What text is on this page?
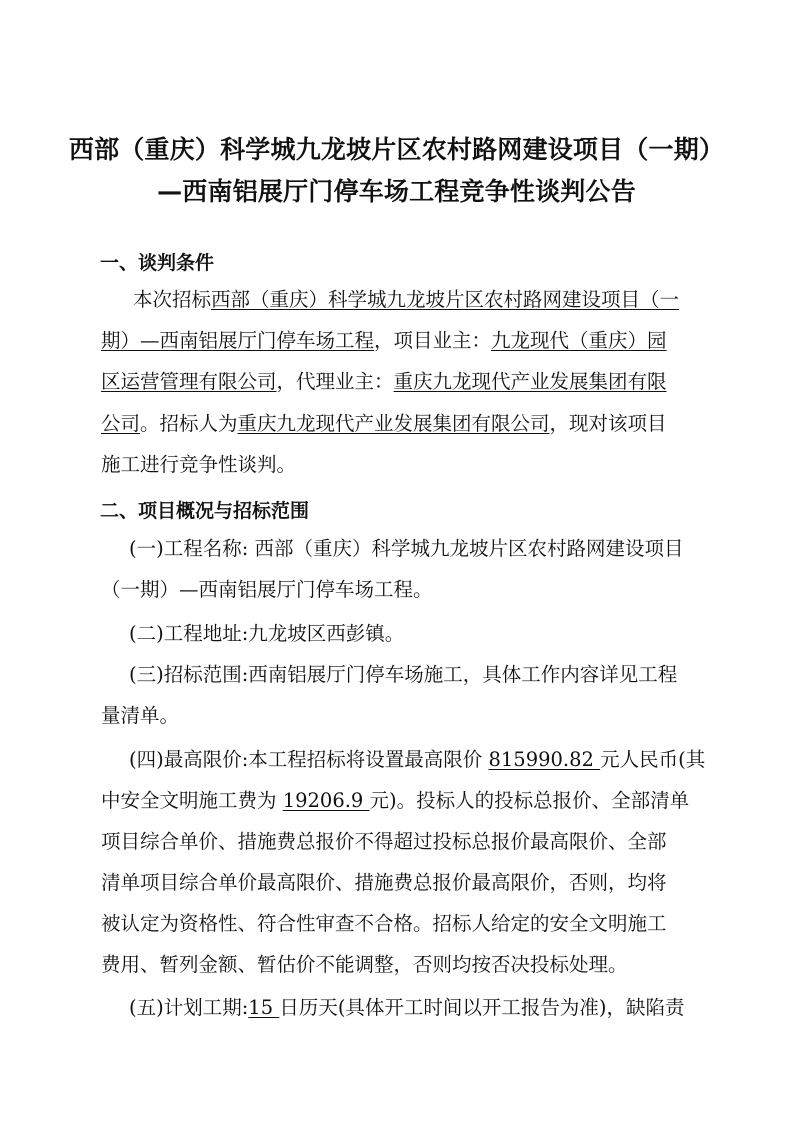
西部（重庆）科学城九龙坡片区农村路网建设项目（一期）
—西南铝展厅门停车场工程竞争性谈判公告
一、谈判条件
本次招标西部（重庆）科学城九龙坡片区农村路网建设项目（一
期）—西南铝展厅门停车场工程，项目业主：九龙现代（重庆）园
区运营管理有限公司，代理业主：重庆九龙现代产业发展集团有限
公司。招标人为重庆九龙现代产业发展集团有限公司，现对该项目
施工进行竞争性谈判。
二、项目概况与招标范围
(一)工程名称: 西部（重庆）科学城九龙坡片区农村路网建设项目
（一期）—西南铝展厅门停车场工程。
(二)工程地址:九龙坡区西彭镇。
(三)招标范围:西南铝展厅门停车场施工，具体工作内容详见工程
量清单。
(四)最高限价:本工程招标将设置最高限价 815990.82 元人民币(其
中安全文明施工费为 19206.9 元)。投标人的投标总报价、全部清单
项目综合单价、措施费总报价不得超过投标总报价最高限价、全部
清单项目综合单价最高限价、措施费总报价最高限价，否则，均将
被认定为资格性、符合性审查不合格。招标人给定的安全文明施工
费用、暂列金额、暂估价不能调整，否则均按否决投标处理。
(五)计划工期:15 日历天(具体开工时间以开工报告为准)，缺陷责
